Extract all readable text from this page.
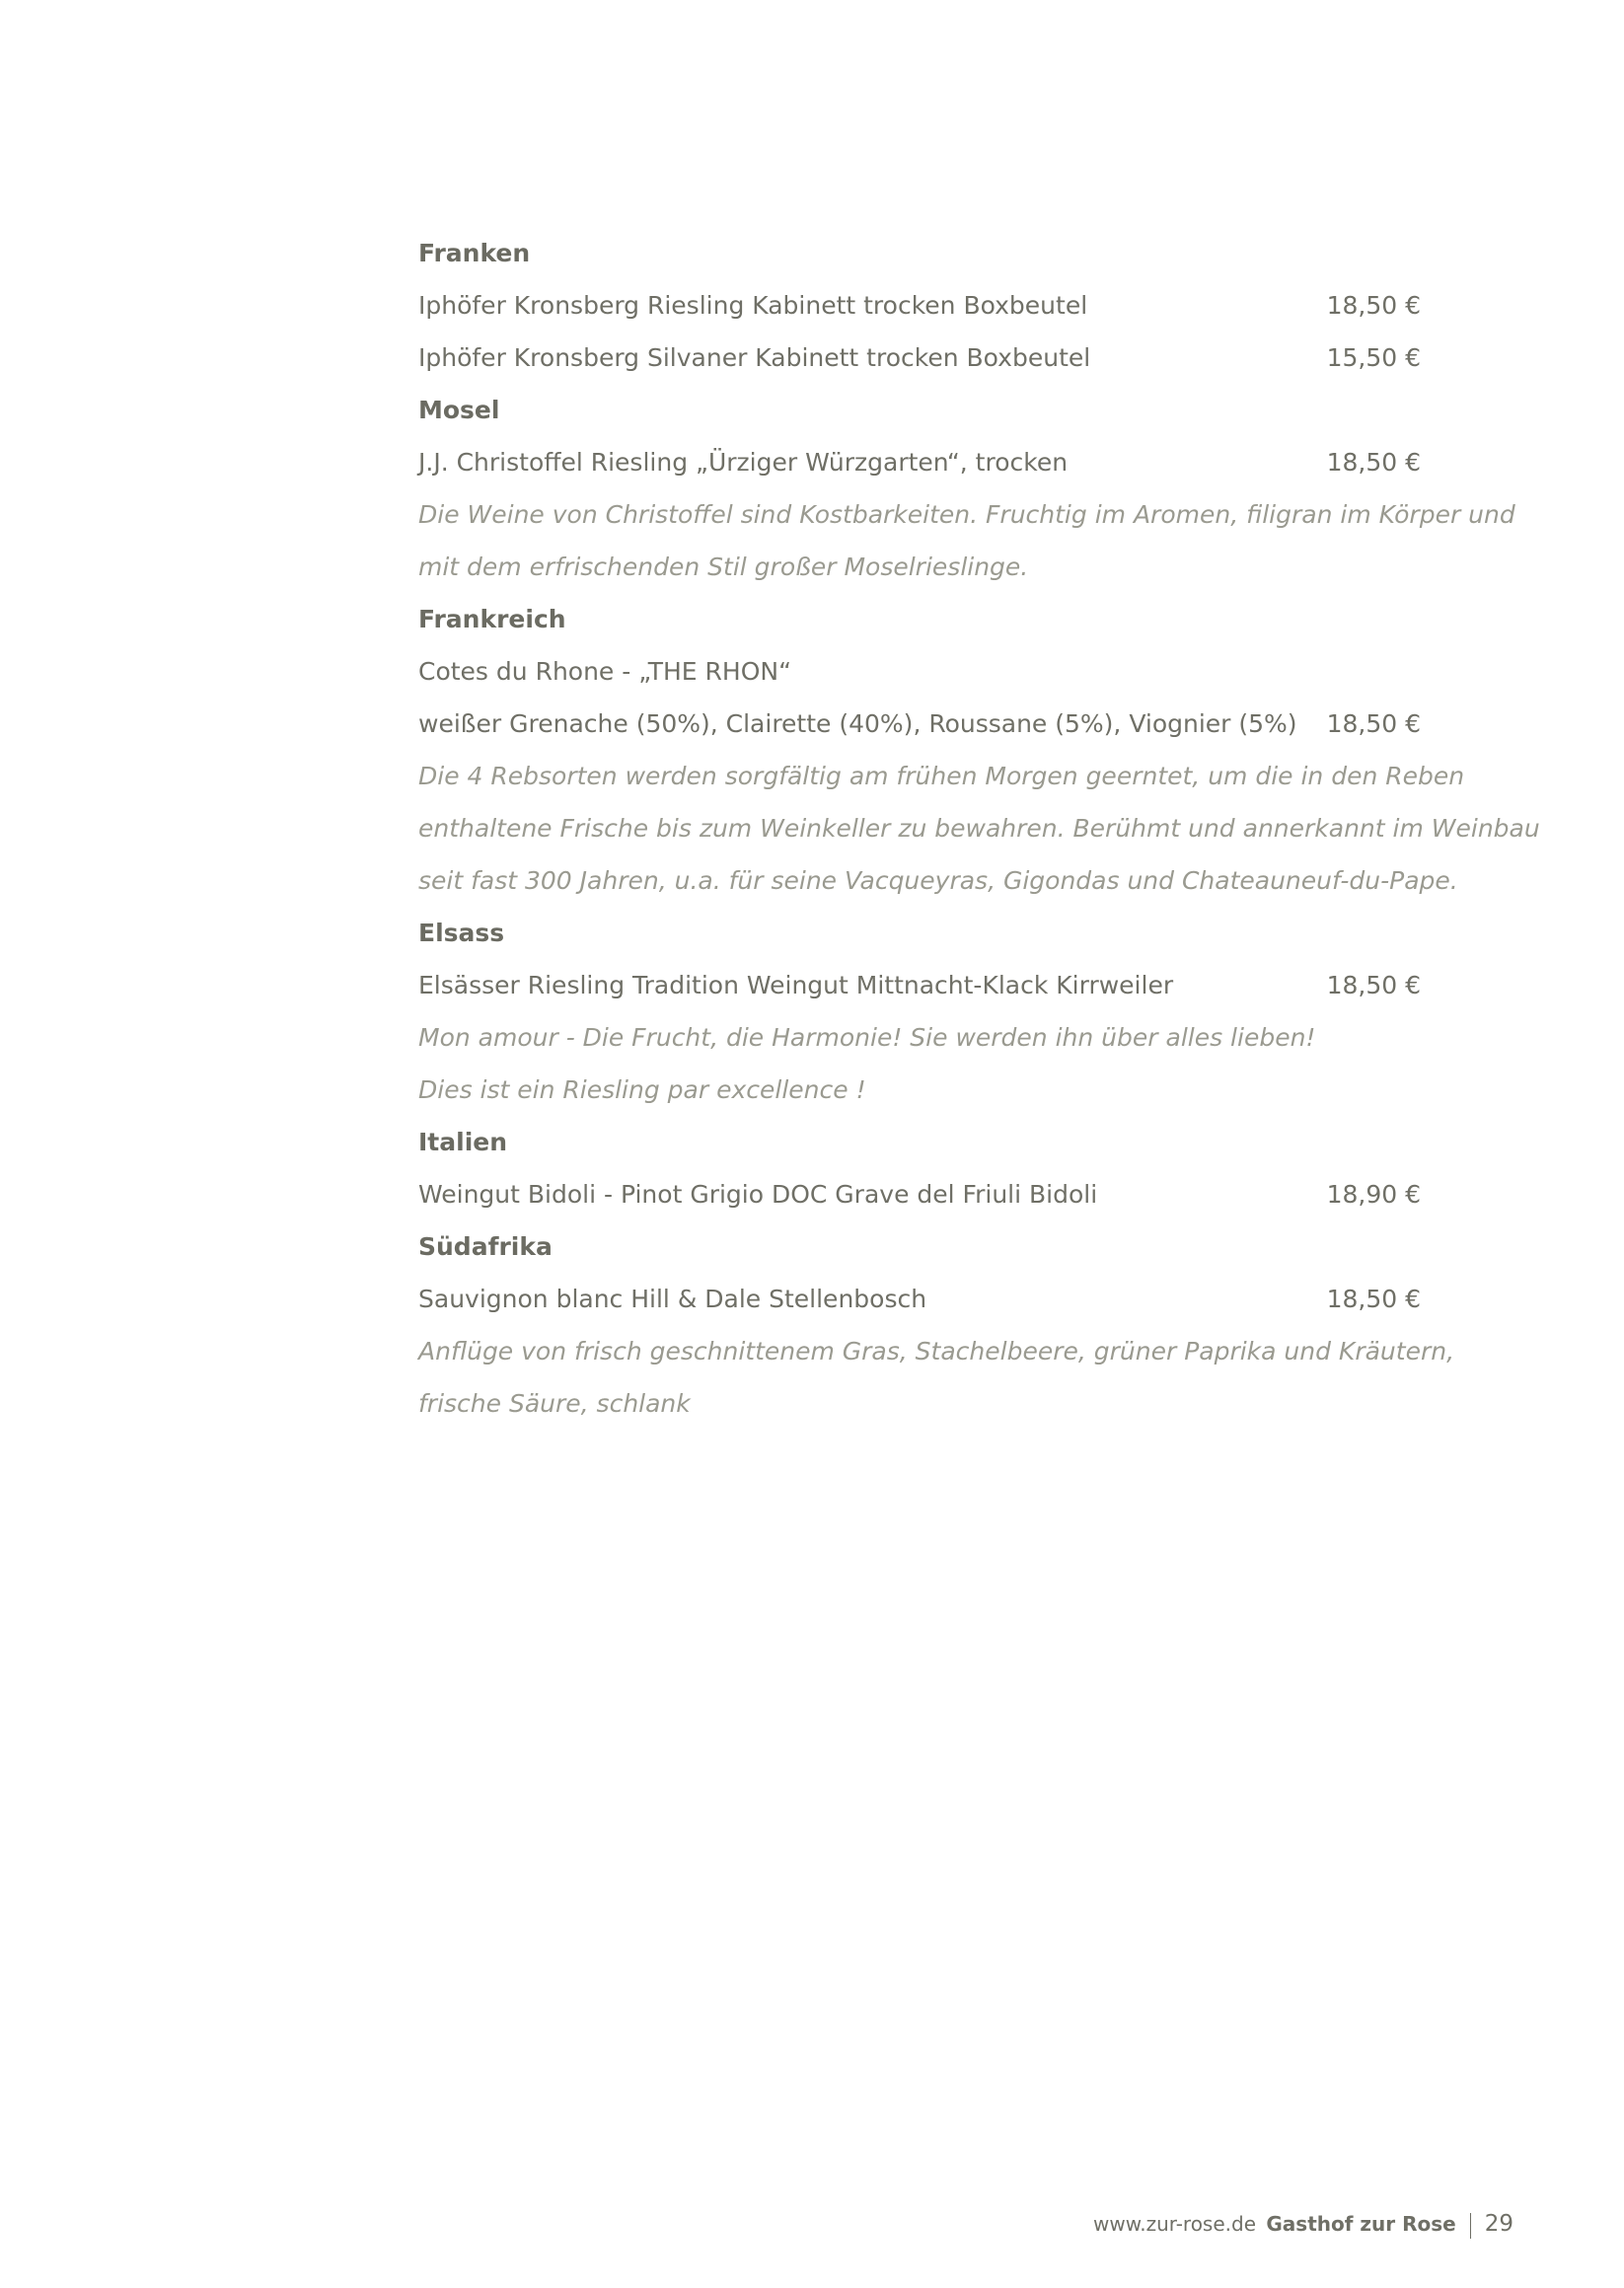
Franken
Iphöfer Kronsberg Riesling Kabinett trocken Boxbeutel	18,50 €
Iphöfer Kronsberg Silvaner Kabinett trocken Boxbeutel	15,50 €
Mosel
J.J. Christoffel Riesling „Ürziger Würzgarten“, trocken	18,50 €
Die Weine von Christoffel sind Kostbarkeiten. Fruchtig im Aromen, filigran im Körper und
mit dem erfrischenden Stil großer Moselrieslinge.
Frankreich
Cotes du Rhone - „THE RHON“
weißer Grenache (50%), Clairette (40%), Roussane (5%), Viognier (5%) 18,50 €
Die 4 Rebsorten werden sorgfältig am frühen Morgen geerntet, um die in den Reben
enthaltene Frische bis zum Weinkeller zu bewahren. Berühmt und annerkannt im Weinbau
seit fast 300 Jahren, u.a. für seine Vacqueyras, Gigondas und Chateauneuf-du-Pape.
Elsass
Elsässer Riesling Tradition Weingut Mittnacht-Klack Kirrweiler	18,50 €
Mon amour - Die Frucht, die Harmonie! Sie werden ihn über alles lieben!
Dies ist ein Riesling par excellence !
Italien
Weingut Bidoli - Pinot Grigio DOC Grave del Friuli Bidoli	18,90 €
Südafrika
Sauvignon blanc Hill & Dale Stellenbosch	18,50 €
Anflüge von frisch geschnittenem Gras, Stachelbeere, grüner Paprika und Kräutern,
frische Säure, schlank
www.zur-rose.de Gasthof zur Rose 29
